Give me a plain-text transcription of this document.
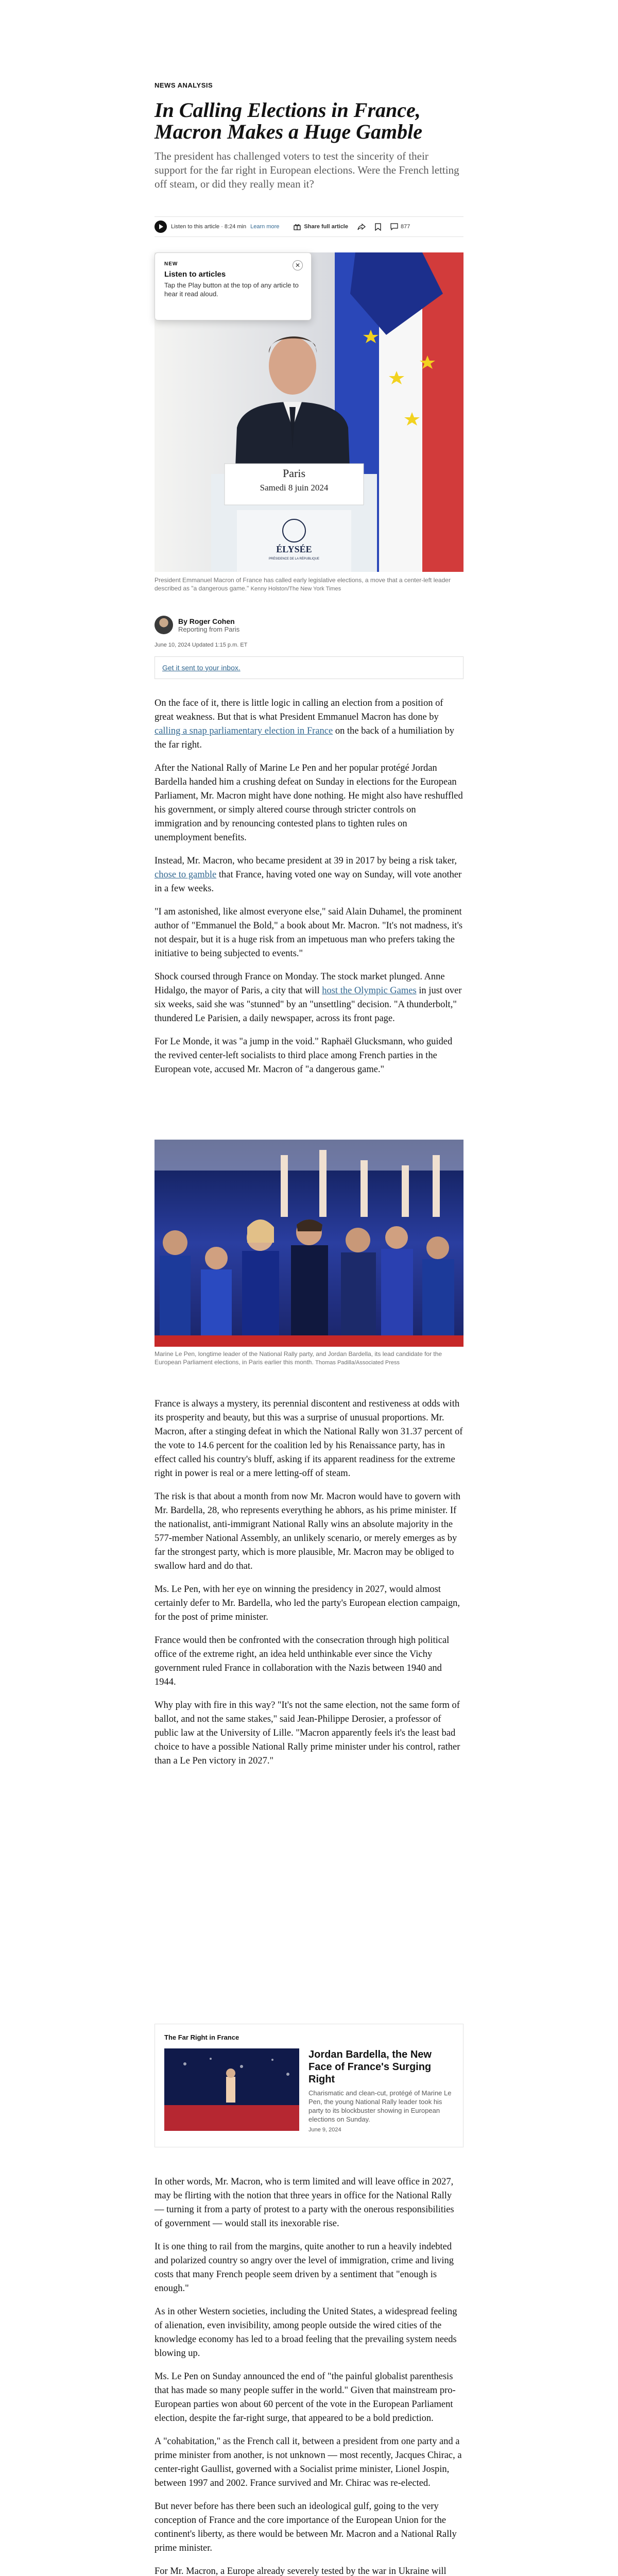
NEWS ANALYSIS
In Calling Elections in France, Macron Makes a Huge Gamble

The president has challenged voters to test the sincerity of their support for the far right in European elections. Were the French letting off steam, or did they really mean it?

Listen to this article · 8:24 min Learn more	Share full article	877
Paris
Samedi 8 juin 2024
ÉLYSÉE
PRÉSIDENCE DE LA RÉPUBLIQUE
NEW
Listen to articles
Tap the Play button at the top of any article to hear it read aloud.
✕
President Emmanuel Macron of France has called early legislative elections, a move that a center-left leader described as "a dangerous game." Kenny Holston/The New York Times
By Roger Cohen
Reporting from Paris
June 10, 2024 Updated 1:15 p.m. ET
Get it sent to your inbox.

On the face of it, there is little logic in calling an election from a position of great weakness. But that is what President Emmanuel Macron has done by calling a snap parliamentary election in France on the back of a humiliation by the far right.

After the National Rally of Marine Le Pen and her popular protégé Jordan Bardella handed him a crushing defeat on Sunday in elections for the European Parliament, Mr. Macron might have done nothing. He might also have reshuffled his government, or simply altered course through stricter controls on immigration and by renouncing contested plans to tighten rules on unemployment benefits.

Instead, Mr. Macron, who became president at 39 in 2017 by being a risk taker, chose to gamble that France, having voted one way on Sunday, will vote another in a few weeks.

"I am astonished, like almost everyone else," said Alain Duhamel, the prominent author of "Emmanuel the Bold," a book about Mr. Macron. "It's not madness, it's not despair, but it is a huge risk from an impetuous man who prefers taking the initiative to being subjected to events."

Shock coursed through France on Monday. The stock market plunged. Anne Hidalgo, the mayor of Paris, a city that will host the Olympic Games in just over six weeks, said she was "stunned" by an "unsettling" decision. "A thunderbolt," thundered Le Parisien, a daily newspaper, across its front page.

For Le Monde, it was "a jump in the void." Raphaël Glucksmann, who guided the revived center-left socialists to third place among French parties in the European vote, accused Mr. Macron of "a dangerous game."

Marine Le Pen, longtime leader of the National Rally party, and Jordan Bardella, its lead candidate for the European Parliament elections, in Paris earlier this month. Thomas Padilla/Associated Press

France is always a mystery, its perennial discontent and restiveness at odds with its prosperity and beauty, but this was a surprise of unusual proportions. Mr. Macron, after a stinging defeat in which the National Rally won 31.37 percent of the vote to 14.6 percent for the coalition led by his Renaissance party, has in effect called his country's bluff, asking if its apparent readiness for the extreme right in power is real or a mere letting-off of steam.

The risk is that about a month from now Mr. Macron would have to govern with Mr. Bardella, 28, who represents everything he abhors, as his prime minister. If the nationalist, anti-immigrant National Rally wins an absolute majority in the 577-member National Assembly, an unlikely scenario, or merely emerges as by far the strongest party, which is more plausible, Mr. Macron may be obliged to swallow hard and do that.

Ms. Le Pen, with her eye on winning the presidency in 2027, would almost certainly defer to Mr. Bardella, who led the party's European election campaign, for the post of prime minister.

France would then be confronted with the consecration through high political office of the extreme right, an idea held unthinkable ever since the Vichy government ruled France in collaboration with the Nazis between 1940 and 1944.

Why play with fire in this way? "It's not the same election, not the same form of ballot, and not the same stakes," said Jean-Philippe Derosier, a professor of public law at the University of Lille. "Macron apparently feels it's the least bad choice to have a possible National Rally prime minister under his control, rather than a Le Pen victory in 2027."

The Far Right in France
Jordan Bardella, the New Face of France's Surging Right
Charismatic and clean-cut, protégé of Marine Le Pen, the young National Rally leader took his party to its blockbuster showing in European elections on Sunday.
June 9, 2024

In other words, Mr. Macron, who is term limited and will leave office in 2027, may be flirting with the notion that three years in office for the National Rally — turning it from a party of protest to a party with the onerous responsibilities of government — would stall its inexorable rise.

It is one thing to rail from the margins, quite another to run a heavily indebted and polarized country so angry over the level of immigration, crime and living costs that many French people seem driven by a sentiment that "enough is enough."

As in other Western societies, including the United States, a widespread feeling of alienation, even invisibility, among people outside the wired cities of the knowledge economy has led to a broad feeling that the prevailing system needs blowing up.

Ms. Le Pen on Sunday announced the end of "the painful globalist parenthesis that has made so many people suffer in the world." Given that mainstream pro-European parties won about 60 percent of the vote in the European Parliament election, despite the far-right surge, that appeared to be a bold prediction.

A "cohabitation," as the French call it, between a president from one party and a prime minister from another, is not unknown — most recently, Jacques Chirac, a center-right Gaullist, governed with a Socialist prime minister, Lionel Jospin, between 1997 and 2002. France survived and Mr. Chirac was re-elected.

But never before has there been such an ideological gulf, going to the very conception of France and the core importance of the European Union for the continent's liberty, as there would be between Mr. Macron and a National Rally prime minister.

For Mr. Macron, a Europe already severely tested by the war in Ukraine will
